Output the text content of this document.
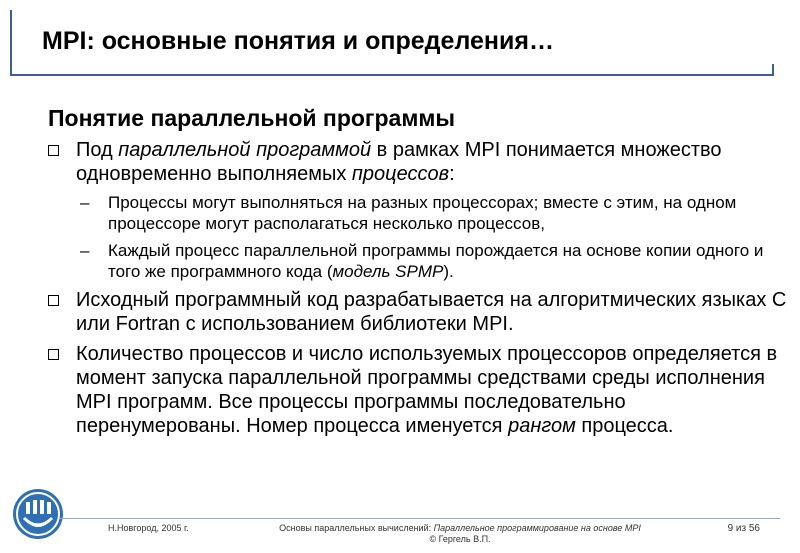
MPI: основные понятия и определения…
Понятие параллельной программы
Под параллельной программой в рамках MPI понимается множество одновременно выполняемых процессов:
– Процессы могут выполняться на разных процессорах; вместе с этим, на одном процессоре могут располагаться несколько процессов,
– Каждый процесс параллельной программы порождается на основе копии одного и того же программного кода (модель SPMP).
Исходный программный код разрабатывается на алгоритмических языках C или Fortran с использованием библиотеки MPI.
Количество процессов и число используемых процессоров определяется в момент запуска параллельной программы средствами среды исполнения MPI программ. Все процессы программы последовательно перенумерованы. Номер процесса именуется рангом процесса.
Н.Новгород, 2005 г.	Основы параллельных вычислений: Параллельное программирование на основе MPI
© Гергель В.П.
9 из 56
